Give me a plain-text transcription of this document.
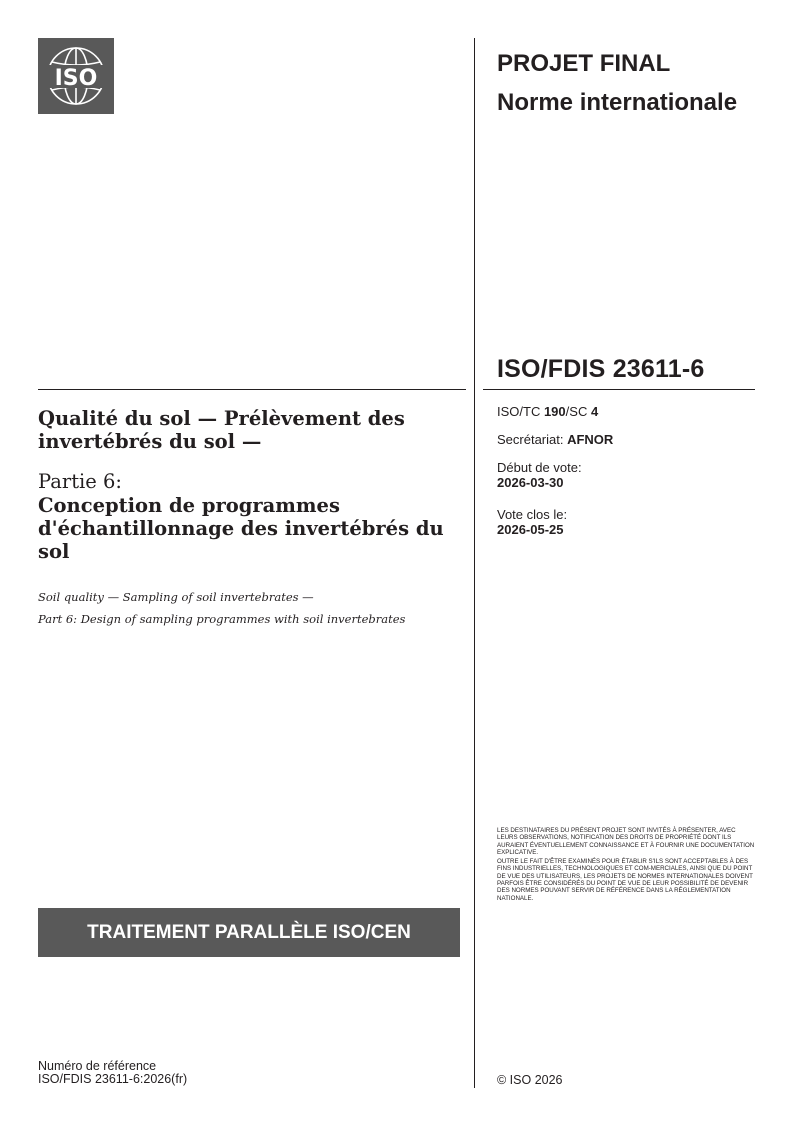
ISO
PROJET FINAL
Norme internationale
ISO/FDIS 23611-6
ISO/TC 190/SC 4
Secrétariat: AFNOR
Début de vote:
2026-03-30
Vote clos le:
2026-05-25
Qualité du sol — Prélèvement des invertébrés du sol —
Partie 6:
Conception de programmes d'échantillonnage des invertébrés du sol
Soil quality — Sampling of soil invertebrates —
Part 6: Design of sampling programmes with soil invertebrates

LES DESTINATAIRES DU PRÉSENT PROJET SONT INVITÉS À PRÉSENTER, AVEC LEURS OBSERVATIONS, NOTIFICATION DES DROITS DE PROPRIÉTÉ DONT ILS AURAIENT ÉVENTUELLEMENT CONNAISSANCE ET À FOURNIR UNE DOCUMENTATION EXPLICATIVE.

OUTRE LE FAIT D'ÊTRE EXAMINÉS POUR ÉTABLIR S'ILS SONT ACCEPTABLES À DES FINS INDUSTRIELLES, TECHNOLOGIQUES ET COM-MERCIALES, AINSI QUE DU POINT DE VUE DES UTILISATEURS, LES PROJETS DE NORMES INTERNATIONALES DOIVENT PARFOIS ÊTRE CONSIDÉRÉS DU POINT DE VUE DE LEUR POSSIBILITÉ DE DEVENIR DES NORMES POUVANT SERVIR DE RÉFÉRENCE DANS LA RÉGLEMENTATION NATIONALE.

TRAITEMENT PARALLÈLE ISO/CEN
Numéro de référence
ISO/FDIS 23611-6:2026(fr)	© ISO 2026
